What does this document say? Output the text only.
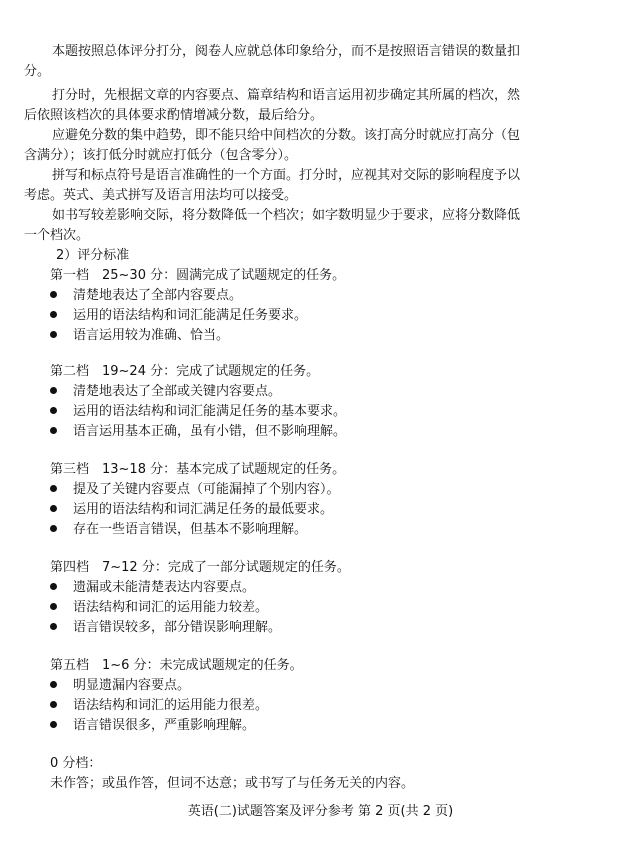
本题按照总体评分打分，阅卷人应就总体印象给分，而不是按照语言错误的数量扣
分。
打分时，先根据文章的内容要点、篇章结构和语言运用初步确定其所属的档次，然
后依照该档次的具体要求酌情增减分数，最后给分。
应避免分数的集中趋势，即不能只给中间档次的分数。该打高分时就应打高分（包
含满分）；该打低分时就应打低分（包含零分）。
拼写和标点符号是语言准确性的一个方面。打分时，应视其对交际的影响程度予以
考虑。英式、美式拼写及语言用法均可以接受。
如书写较差影响交际，将分数降低一个档次；如字数明显少于要求，应将分数降低
一个档次。

2）评分标准

第一档　25~30 分：圆满完成了试题规定的任务。

清楚地表达了全部内容要点。

运用的语法结构和词汇能满足任务要求。

语言运用较为准确、恰当。

第二档　19~24 分：完成了试题规定的任务。

清楚地表达了全部或关键内容要点。

运用的语法结构和词汇能满足任务的基本要求。

语言运用基本正确，虽有小错，但不影响理解。

第三档　13~18 分：基本完成了试题规定的任务。

提及了关键内容要点（可能漏掉了个别内容）。

运用的语法结构和词汇满足任务的最低要求。

存在一些语言错误，但基本不影响理解。

第四档　7~12 分：完成了一部分试题规定的任务。

遗漏或未能清楚表达内容要点。

语法结构和词汇的运用能力较差。

语言错误较多，部分错误影响理解。

第五档　1~6 分：未完成试题规定的任务。

明显遗漏内容要点。

语法结构和词汇的运用能力很差。

语言错误很多，严重影响理解。

0 分档：

未作答；或虽作答，但词不达意；或书写了与任务无关的内容。

英语(二)试题答案及评分参考 第 2 页(共 2 页)
